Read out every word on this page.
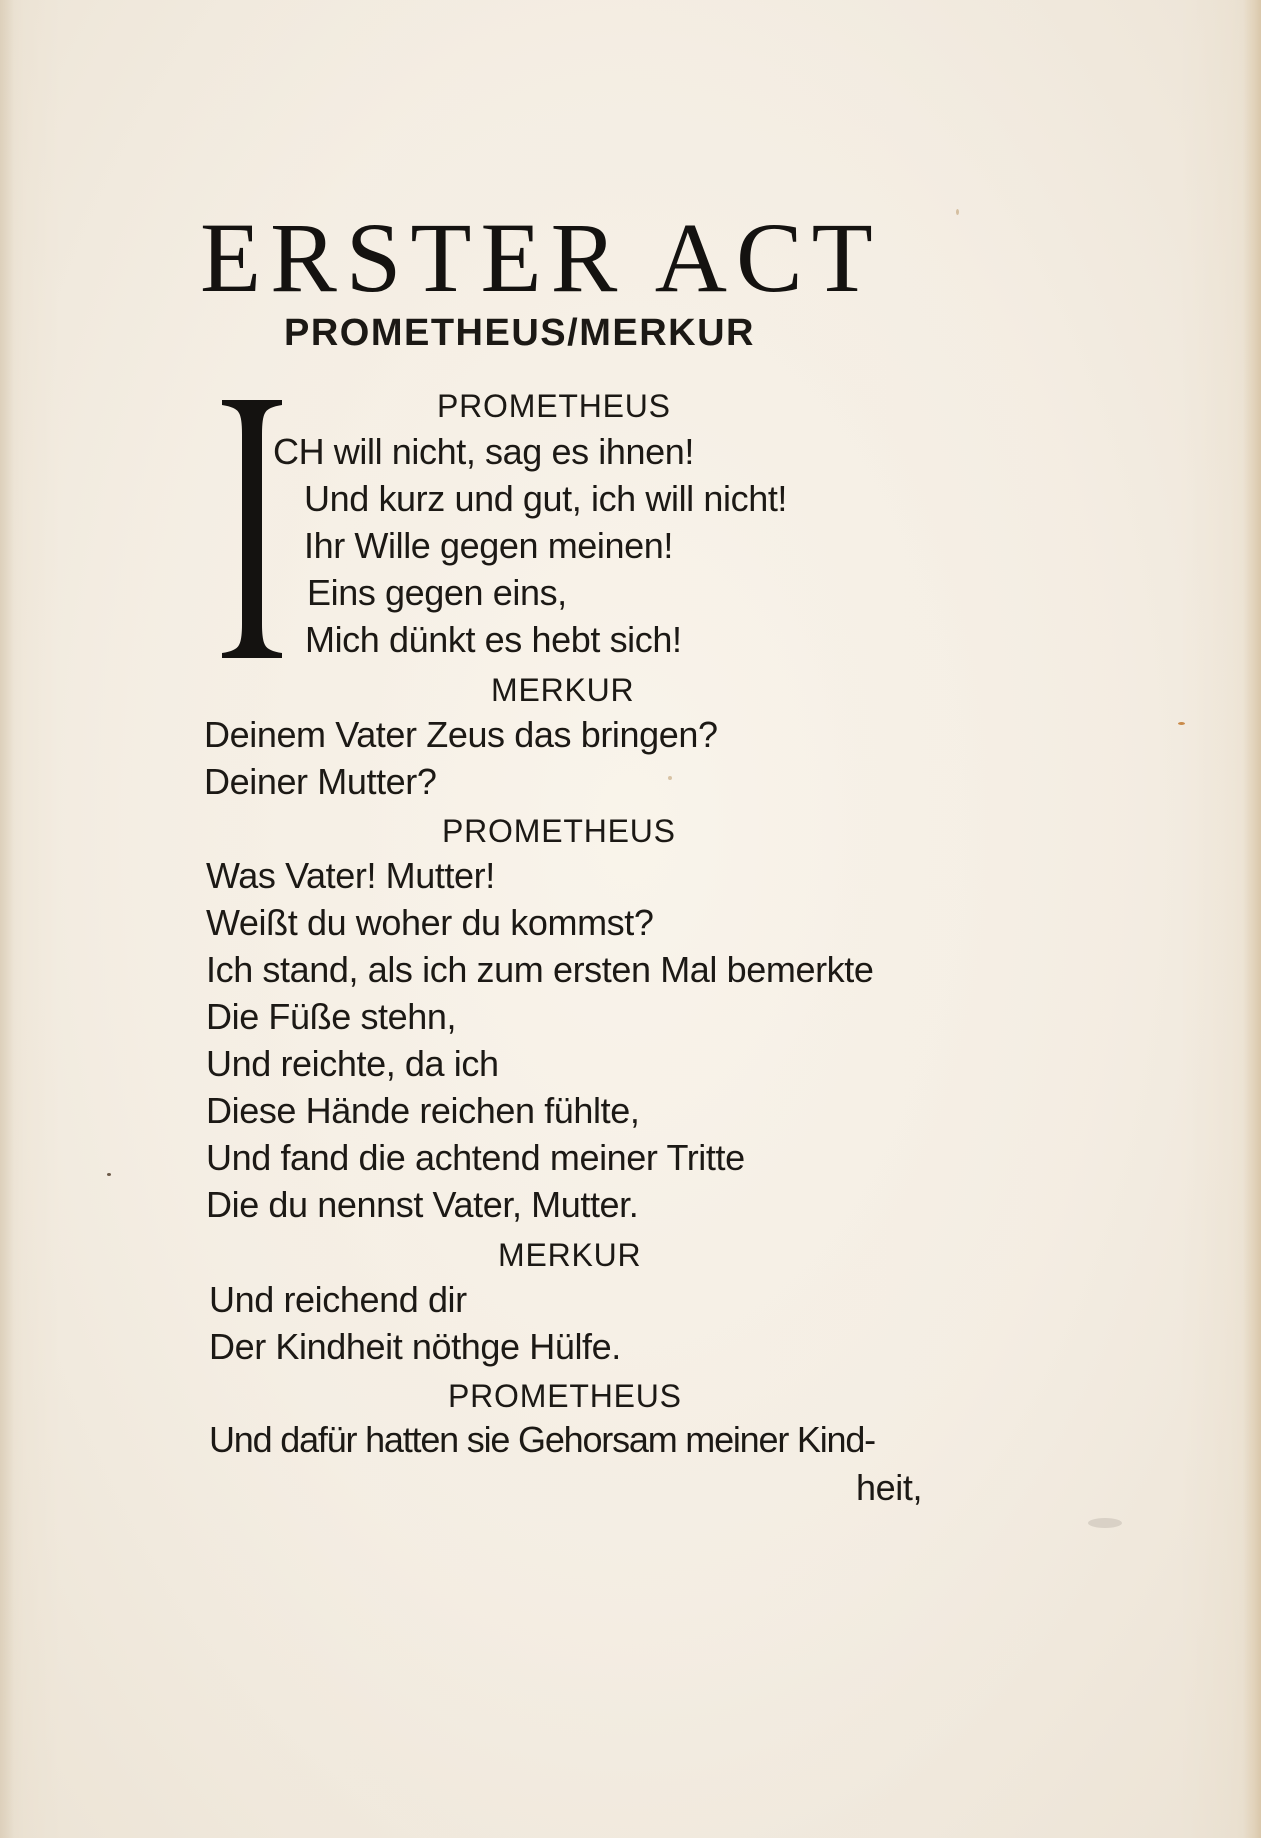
ERSTER ACT
PROMETHEUS/MERKUR
PROMETHEUS
CH will nicht, sag es ihnen!
Und kurz und gut, ich will nicht!
Ihr Wille gegen meinen!
Eins gegen eins,
Mich dünkt es hebt sich!
MERKUR
Deinem Vater Zeus das bringen?
Deiner Mutter?
PROMETHEUS
Was Vater! Mutter!
Weißt du woher du kommst?
Ich stand, als ich zum ersten Mal bemerkte
Die Füße stehn,
Und reichte, da ich
Diese Hände reichen fühlte,
Und fand die achtend meiner Tritte
Die du nennst Vater, Mutter.
MERKUR
Und reichend dir
Der Kindheit nöthge Hülfe.
PROMETHEUS
Und dafür hatten sie Gehorsam meiner Kind-
heit,
